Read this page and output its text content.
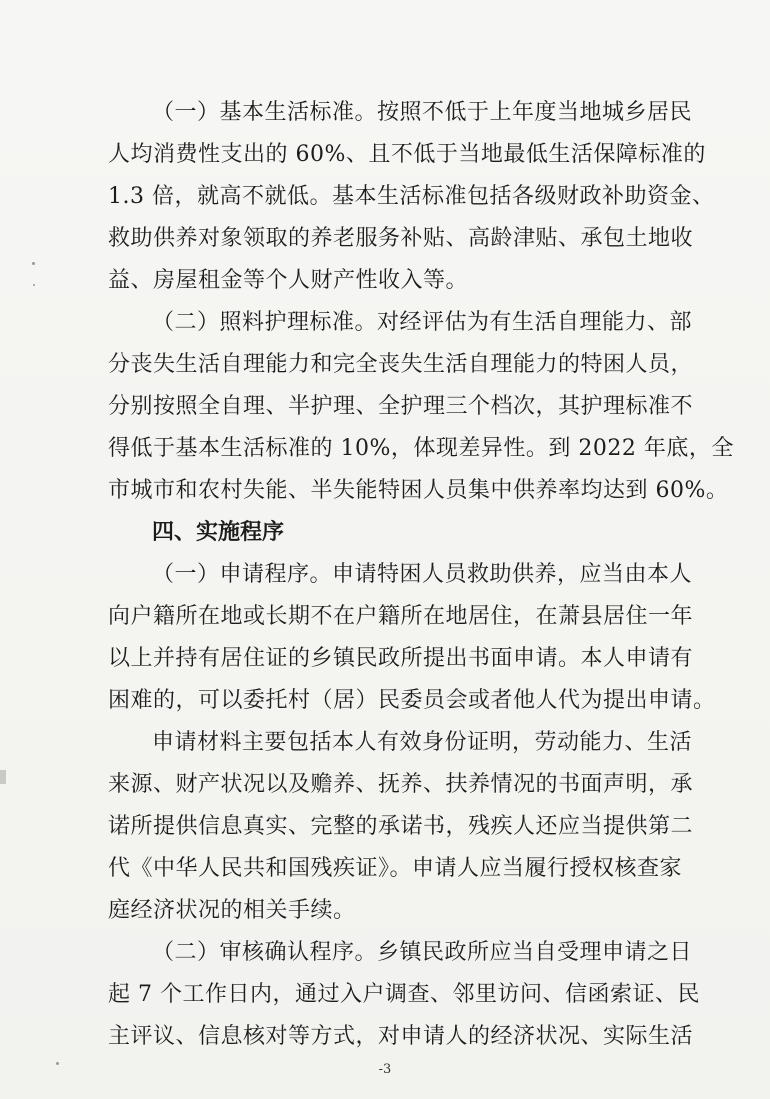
（一）基本生活标准。按照不低于上年度当地城乡居民
人均消费性支出的 60%、且不低于当地最低生活保障标准的
1.3 倍，就高不就低。基本生活标准包括各级财政补助资金、
救助供养对象领取的养老服务补贴、高龄津贴、承包土地收
益、房屋租金等个人财产性收入等。
（二）照料护理标准。对经评估为有生活自理能力、部
分丧失生活自理能力和完全丧失生活自理能力的特困人员，
分别按照全自理、半护理、全护理三个档次，其护理标准不
得低于基本生活标准的 10%，体现差异性。到 2022 年底，全
市城市和农村失能、半失能特困人员集中供养率均达到 60%。
四、实施程序
（一）申请程序。申请特困人员救助供养，应当由本人
向户籍所在地或长期不在户籍所在地居住，在萧县居住一年
以上并持有居住证的乡镇民政所提出书面申请。本人申请有
困难的，可以委托村（居）民委员会或者他人代为提出申请。
申请材料主要包括本人有效身份证明，劳动能力、生活
来源、财产状况以及赡养、抚养、扶养情况的书面声明，承
诺所提供信息真实、完整的承诺书，残疾人还应当提供第二
代《中华人民共和国残疾证》。申请人应当履行授权核查家
庭经济状况的相关手续。
（二）审核确认程序。乡镇民政所应当自受理申请之日
起 7 个工作日内，通过入户调查、邻里访问、信函索证、民
主评议、信息核对等方式，对申请人的经济状况、实际生活
-3
